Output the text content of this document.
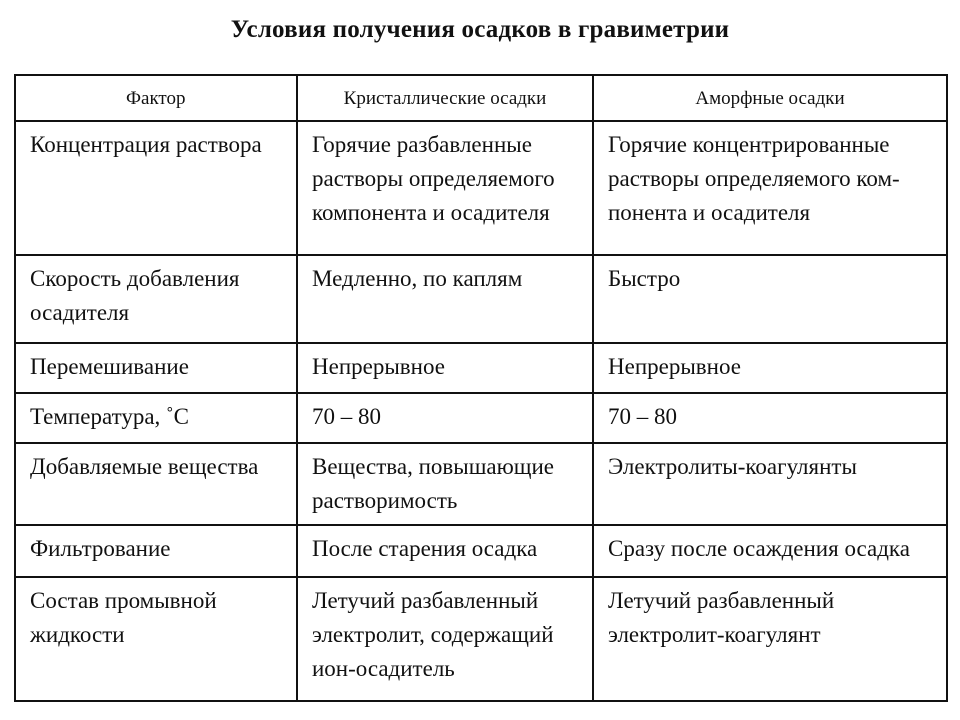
Условия получения осадков в гравиметрии
Фактор	Кристаллические осадки	Аморфные осадки
Концентрация раствора	Горячие разбавленные растворы определяемого компонента и осадителя	Горячие концентрированные растворы определяемого ком-понента и осадителя
Скорость добавления осадителя	Медленно, по каплям	Быстро
Перемешивание	Непрерывное	Непрерывное
Температура, ˚С	70 – 80	70 – 80
Добавляемые вещества	Вещества, повышающие растворимость	Электролиты-коагулянты
Фильтрование	После старения осадка	Сразу после осаждения осадка
Состав промывной жидкости	Летучий разбавленный электролит, содержащий ион-осадитель	Летучий разбавленный электролит-коагулянт
